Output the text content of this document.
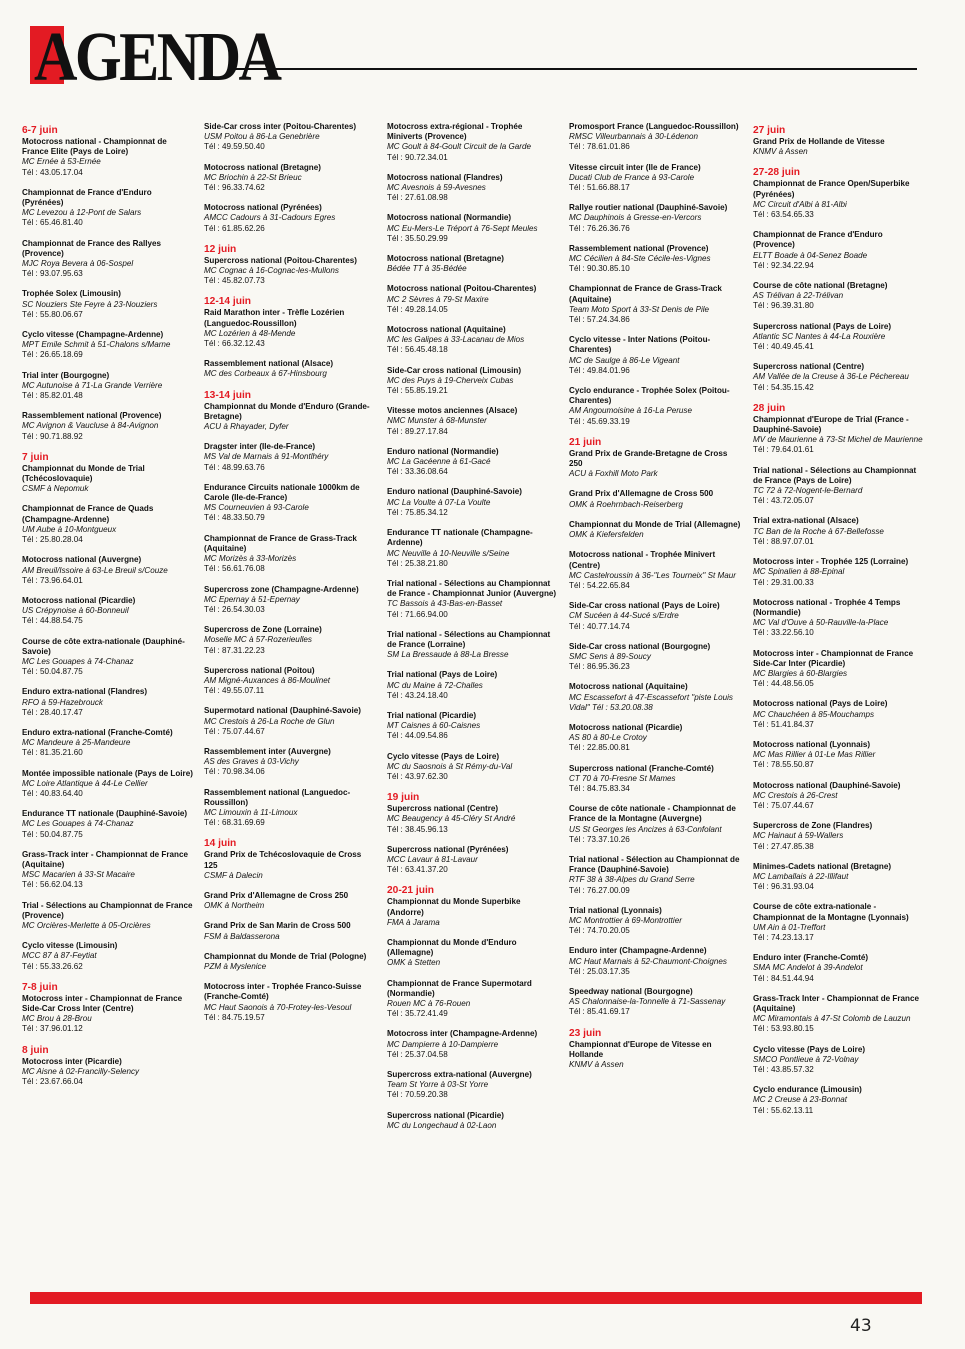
AGENDA
6-7 juin
Motocross national - Championnat de France Elite (Pays de Loire)
MC Ernée à 53-Ernée
Tél : 43.05.17.04
Championnat de France d'Enduro (Pyrénées)
MC Levezou à 12-Pont de Salars
Tél : 65.46.81.40
Championnat de France des Rallyes (Provence)
MJC Roya Bevera à 06-Sospel
Tél : 93.07.95.63
Trophée Solex (Limousin)
SC Nouziers Ste Feyre à 23-Nouziers
Tél : 55.80.06.67
Cyclo vitesse (Champagne-Ardenne)
MPT Emile Schmit à 51-Chalons s/Marne
Tél : 26.65.18.69
Trial inter (Bourgogne)
MC Autunoise à 71-La Grande Verrière
Tél : 85.82.01.48
Rassemblement national (Provence)
MC Avignon & Vaucluse à 84-Avignon
Tél : 90.71.88.92
7 juin
Championnat du Monde de Trial (Tchécoslovaquie)
CSMF à Nepomuk
Championnat de France de Quads (Champagne-Ardenne)
UM Aube à 10-Montgueux
Tél : 25.80.28.04
Motocross national (Auvergne)
AM Breuil/Issoire à 63-Le Breuil s/Couze
Tél : 73.96.64.01
Motocross national (Picardie)
US Crépynoise à 60-Bonneuil
Tél : 44.88.54.75
Course de côte extra-nationale (Dauphiné-Savoie)
MC Les Gouapes à 74-Chanaz
Tél : 50.04.87.75
Enduro extra-national (Flandres)
RFO à 59-Hazebrouck
Tél : 28.40.17.47
Enduro extra-national (Franche-Comté)
MC Mandeure à 25-Mandeure
Tél : 81.35.21.60
Montée impossible nationale (Pays de Loire)
MC Loire Atlantique à 44-Le Cellier
Tél : 40.83.64.40
Endurance TT nationale (Dauphiné-Savoie)
MC Les Gouapes à 74-Chanaz
Tél : 50.04.87.75
Grass-Track inter - Championnat de France (Aquitaine)
MSC Macarien à 33-St Macaire
Tél : 56.62.04.13
Trial - Sélections au Championnat de France (Provence)
MC Orcières-Merlette à 05-Orcières
Cyclo vitesse (Limousin)
MCC 87 à 87-Feytiat
Tél : 55.33.26.62
7-8 juin
Motocross inter - Championnat de France Side-Car Cross Inter (Centre)
MC Brou à 28-Brou
Tél : 37.96.01.12
8 juin
Motocross inter (Picardie)
MC Aisne à 02-Francilly-Selency
Tél : 23.67.66.04
Side-Car cross inter (Poitou-Charentes)
USM Poitou à 86-La Genebrière
Tél : 49.59.50.40
Motocross national (Bretagne)
MC Briochin à 22-St Brieuc
Tél : 96.33.74.62
Motocross national (Pyrénées)
AMCC Cadours à 31-Cadours Egres
Tél : 61.85.62.26
12 juin
Supercross national (Poitou-Charentes)
MC Cognac à 16-Cognac-les-Mullons
Tél : 45.82.07.73
12-14 juin
Raid Marathon inter - Trèfle Lozérien (Languedoc-Roussillon)
MC Lozérien à 48-Mende
Tél : 66.32.12.43
Rassemblement national (Alsace)
MC des Corbeaux à 67-Hinsbourg
13-14 juin
Championnat du Monde d'Enduro (Grande-Bretagne)
ACU à Rhayader, Dyfer
Dragster inter (Ile-de-France)
MS Val de Marnais à 91-Montlhéry
Tél : 48.99.63.76
Endurance Circuits nationale 1000km de Carole (Ile-de-France)
MS Courneuvien à 93-Carole
Tél : 48.33.50.79
Championnat de France de Grass-Track (Aquitaine)
MC Morizès à 33-Morizès
Tél : 56.61.76.08
Supercross zone (Champagne-Ardenne)
MC Epernay à 51-Epernay
Tél : 26.54.30.03
Supercross de Zone (Lorraine)
Moselle MC à 57-Rozerieulles
Tél : 87.31.22.23
Supercross national (Poitou)
AM Migné-Auxances à 86-Moulinet
Tél : 49.55.07.11
Supermotard national (Dauphiné-Savoie)
MC Crestois à 26-La Roche de Glun
Tél : 75.07.44.67
Rassemblement inter (Auvergne)
AS des Graves à 03-Vichy
Tél : 70.98.34.06
Rassemblement national (Languedoc-Roussillon)
MC Limouxin à 11-Limoux
Tél : 68.31.69.69
14 juin
Grand Prix de Tchécoslovaquie de Cross 125
CSMF à Dalecin
Grand Prix d'Allemagne de Cross 250
OMK à Northeim
Grand Prix de San Marin de Cross 500
FSM à Baldasserona
Championnat du Monde de Trial (Pologne)
PZM à Myslenice
Motocross inter - Trophée Franco-Suisse (Franche-Comté)
MC Haut Saonois à 70-Frotey-les-Vesoul
Tél : 84.75.19.57
Motocross extra-régional - Trophée Miniverts (Provence)
MC Goult à 84-Goult Circuit de la Garde
Tél : 90.72.34.01
Motocross national (Flandres)
MC Avesnois à 59-Avesnes
Tél : 27.61.08.98
Motocross national (Normandie)
MC Eu-Mers-Le Tréport à 76-Sept Meules
Tél : 35.50.29.99
Motocross national (Bretagne)
Bédée TT à 35-Bédée
Motocross national (Poitou-Charentes)
MC 2 Sèvres à 79-St Maxire
Tél : 49.28.14.05
Motocross national (Aquitaine)
MC les Galipes à 33-Lacanau de Mios
Tél : 56.45.48.18
Side-Car cross national (Limousin)
MC des Puys à 19-Cherveix Cubas
Tél : 55.85.19.21
Vitesse motos anciennes (Alsace)
NMC Munster à 68-Munster
Tél : 89.27.17.84
Enduro national (Normandie)
MC La Gacéenne à 61-Gacé
Tél : 33.36.08.64
Enduro national (Dauphiné-Savoie)
MC La Voulte à 07-La Voulte
Tél : 75.85.34.12
Endurance TT nationale (Champagne-Ardenne)
MC Neuville à 10-Neuville s/Seine
Tél : 25.38.21.80
Trial national - Sélections au Championnat de France - Championnat Junior (Auvergne)
TC Bassois à 43-Bas-en-Basset
Tél : 71.66.94.00
Trial national - Sélections au Championnat de France (Lorraine)
SM La Bressaude à 88-La Bresse
Trial national (Pays de Loire)
MC du Maine à 72-Challes
Tél : 43.24.18.40
Trial national (Picardie)
MT Caisnes à 60-Caisnes
Tél : 44.09.54.86
Cyclo vitesse (Pays de Loire)
MC du Saosnois à St Rémy-du-Val
Tél : 43.97.62.30
19 juin
Supercross national (Centre)
MC Beaugency à 45-Cléry St André
Tél : 38.45.96.13
Supercross national (Pyrénées)
MCC Lavaur à 81-Lavaur
Tél : 63.41.37.20
20-21 juin
Championnat du Monde Superbike (Andorre)
FMA à Jarama
Championnat du Monde d'Enduro (Allemagne)
OMK à Stetten
Championnat de France Supermotard (Normandie)
Rouen MC à 76-Rouen
Tél : 35.72.41.49
Motocross inter (Champagne-Ardenne)
MC Dampierre à 10-Dampierre
Tél : 25.37.04.58
Supercross extra-national (Auvergne)
Team St Yorre à 03-St Yorre
Tél : 70.59.20.38
Supercross national (Picardie)
MC du Longechaud à 02-Laon
Promosport France (Languedoc-Roussillon)
RMSC Villeurbannais à 30-Lédenon
Tél : 78.61.01.86
Vitesse circuit inter (Ile de France)
Ducati Club de France à 93-Carole
Tél : 51.66.88.17
Rallye routier national (Dauphiné-Savoie)
MC Dauphinois à Gresse-en-Vercors
Tél : 76.26.36.76
Rassemblement national (Provence)
MC Cécilien à 84-Ste Cécile-les-Vignes
Tél : 90.30.85.10
Championnat de France de Grass-Track (Aquitaine)
Team Moto Sport à 33-St Denis de Pile
Tél : 57.24.34.86
Cyclo vitesse - Inter Nations (Poitou-Charentes)
MC de Saulge à 86-Le Vigeant
Tél : 49.84.01.96
Cyclo endurance - Trophée Solex (Poitou-Charentes)
AM Angoumoisine à 16-La Peruse
Tél : 45.69.33.19
21 juin
Grand Prix de Grande-Bretagne de Cross 250
ACU à Foxhill Moto Park
Grand Prix d'Allemagne de Cross 500
OMK à Roehrnbach-Reiserberg
Championnat du Monde de Trial (Allemagne)
OMK à Kiefersfelden
Motocross national - Trophée Minivert (Centre)
MC Castelroussin à 36-"Les Tourneix" St Maur
Tél : 54.22.65.84
Side-Car cross national (Pays de Loire)
CM Sucéen à 44-Sucé s/Erdre
Tél : 40.77.14.74
Side-Car cross national (Bourgogne)
SMC Sens à 89-Soucy
Tél : 86.95.36.23
Motocross national (Aquitaine)
MC Escassefort à 47-Escassefort "piste Louis Vidal" Tél : 53.20.08.38
Motocross national (Picardie)
AS 80 à 80-Le Crotoy
Tél : 22.85.00.81
Supercross national (Franche-Comté)
CT 70 à 70-Fresne St Mames
Tél : 84.75.83.34
Course de côte nationale - Championnat de France de la Montagne (Auvergne)
US St Georges les Ancizes à 63-Confolant
Tél : 73.37.10.26
Trial national - Sélection au Championnat de France (Dauphiné-Savoie)
RTF 38 à 38-Alpes du Grand Serre
Tél : 76.27.00.09
Trial national (Lyonnais)
MC Montrottier à 69-Montrottier
Tél : 74.70.20.05
Enduro inter (Champagne-Ardenne)
MC Haut Marnais à 52-Chaumont-Choignes
Tél : 25.03.17.35
Speedway national (Bourgogne)
AS Chalonnaise-la-Tonnelle à 71-Sassenay
Tél : 85.41.69.17
23 juin
Championnat d'Europe de Vitesse en Hollande
KNMV à Assen
27 juin
Grand Prix de Hollande de Vitesse
KNMV à Assen
27-28 juin
Championnat de France Open/Superbike (Pyrénées)
MC Circuit d'Albi à 81-Albi
Tél : 63.54.65.33
Championnat de France d'Enduro (Provence)
ELTT Boade à 04-Senez Boade
Tél : 92.34.22.94
Course de côte national (Bretagne)
AS Trélivan à 22-Trélivan
Tél : 96.39.31.80
Supercross national (Pays de Loire)
Atlantic SC Nantes à 44-La Rouxière
Tél : 40.49.45.41
Supercross national (Centre)
AM Vallée de la Creuse à 36-Le Péchereau
Tél : 54.35.15.42
28 juin
Championnat d'Europe de Trial (France - Dauphiné-Savoie)
MV de Maurienne à 73-St Michel de Maurienne
Tél : 79.64.01.61
Trial national - Sélections au Championnat de France (Pays de Loire)
TC 72 à 72-Nogent-le-Bernard
Tél : 43.72.05.07
Trial extra-national (Alsace)
TC Ban de la Roche à 67-Bellefosse
Tél : 88.97.07.01
Motocross inter - Trophée 125 (Lorraine)
MC Spinalien à 88-Epinal
Tél : 29.31.00.33
Motocross national - Trophée 4 Temps (Normandie)
MC Val d'Ouve à 50-Rauville-la-Place
Tél : 33.22.56.10
Motocross inter - Championnat de France Side-Car Inter (Picardie)
MC Blargies à 60-Blargies
Tél : 44.48.56.05
Motocross national (Pays de Loire)
MC Chauchéen à 85-Mouchamps
Tél : 51.41.84.37
Motocross national (Lyonnais)
MC Mas Rillier à 01-Le Mas Rillier
Tél : 78.55.50.87
Motocross national (Dauphiné-Savoie)
MC Crestois à 26-Crest
Tél : 75.07.44.67
Supercross de Zone (Flandres)
MC Hainaut à 59-Wallers
Tél : 27.47.85.38
Minimes-Cadets national (Bretagne)
MC Lamballais à 22-Illifaut
Tél : 96.31.93.04
Course de côte extra-nationale - Championnat de la Montagne (Lyonnais)
UM Ain à 01-Treffort
Tél : 74.23.13.17
Enduro inter (Franche-Comté)
SMA MC Andelot à 39-Andelot
Tél : 84.51.44.94
Grass-Track Inter - Championnat de France (Aquitaine)
MC Miramontais à 47-St Colomb de Lauzun
Tél : 53.93.80.15
Cyclo vitesse (Pays de Loire)
SMCO Pontlieue à 72-Volnay
Tél : 43.85.57.32
Cyclo endurance (Limousin)
MC 2 Creuse à 23-Bonnat
Tél : 55.62.13.11
43
